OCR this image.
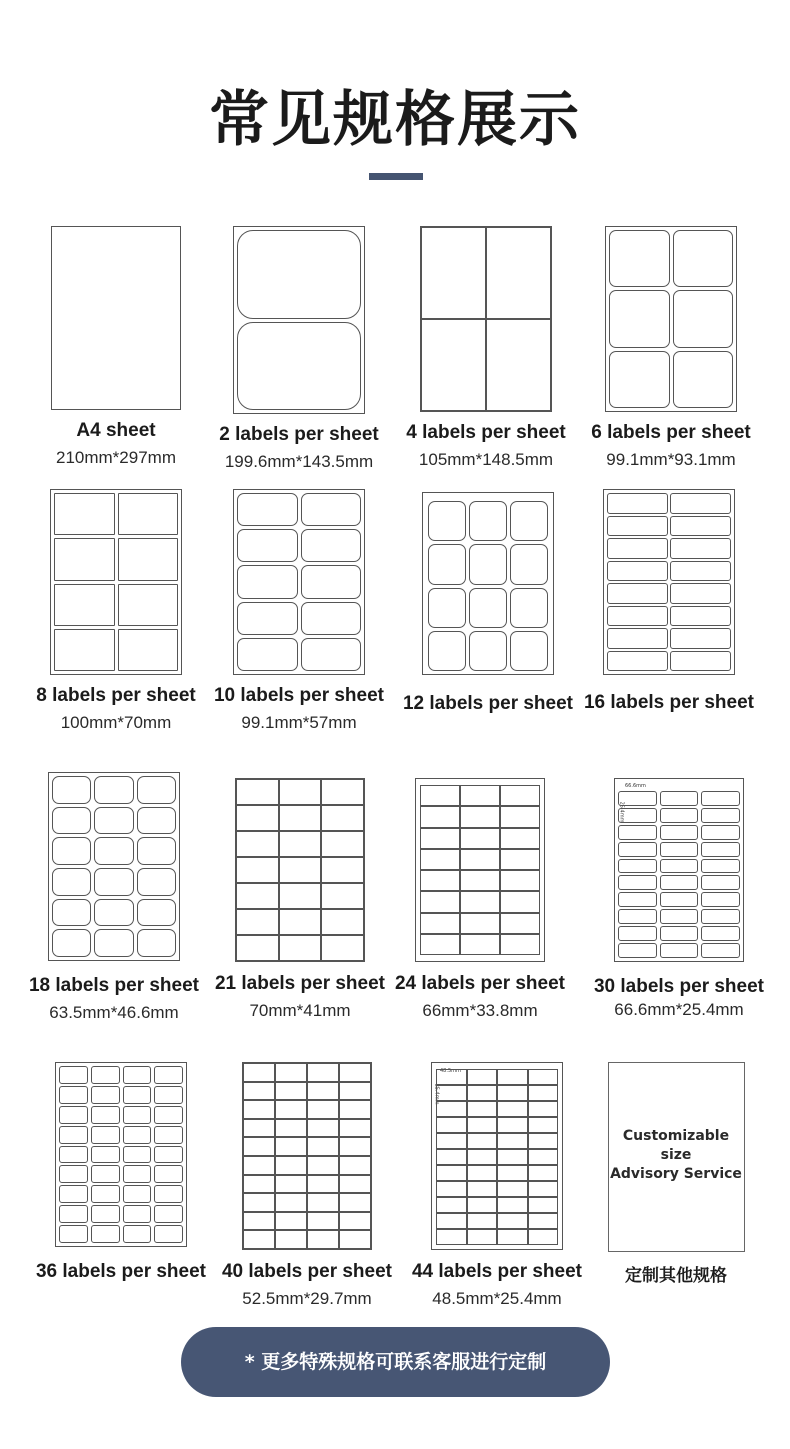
常见规格展示
A4 sheet
210mm*297mm
2 labels per sheet
199.6mm*143.5mm
4 labels per sheet
105mm*148.5mm
6 labels per sheet
99.1mm*93.1mm
8 labels per sheet
100mm*70mm
10 labels per sheet
99.1mm*57mm
12 labels per sheet 16 labels per sheet
18 labels per sheet
63.5mm*46.6mm
21 labels per sheet
70mm*41mm
24 labels per sheet
66mm*33.8mm
66.6mm
25.4mm
30 labels per sheet
66.6mm*25.4mm
36 labels per sheet 40 labels per sheet
52.5mm*29.7mm
48.5mm
25.4mm
44 labels per sheet
48.5mm*25.4mm
Customizable size
Advisory Service
定制其他规格
* 更多特殊规格可联系客服进行定制
